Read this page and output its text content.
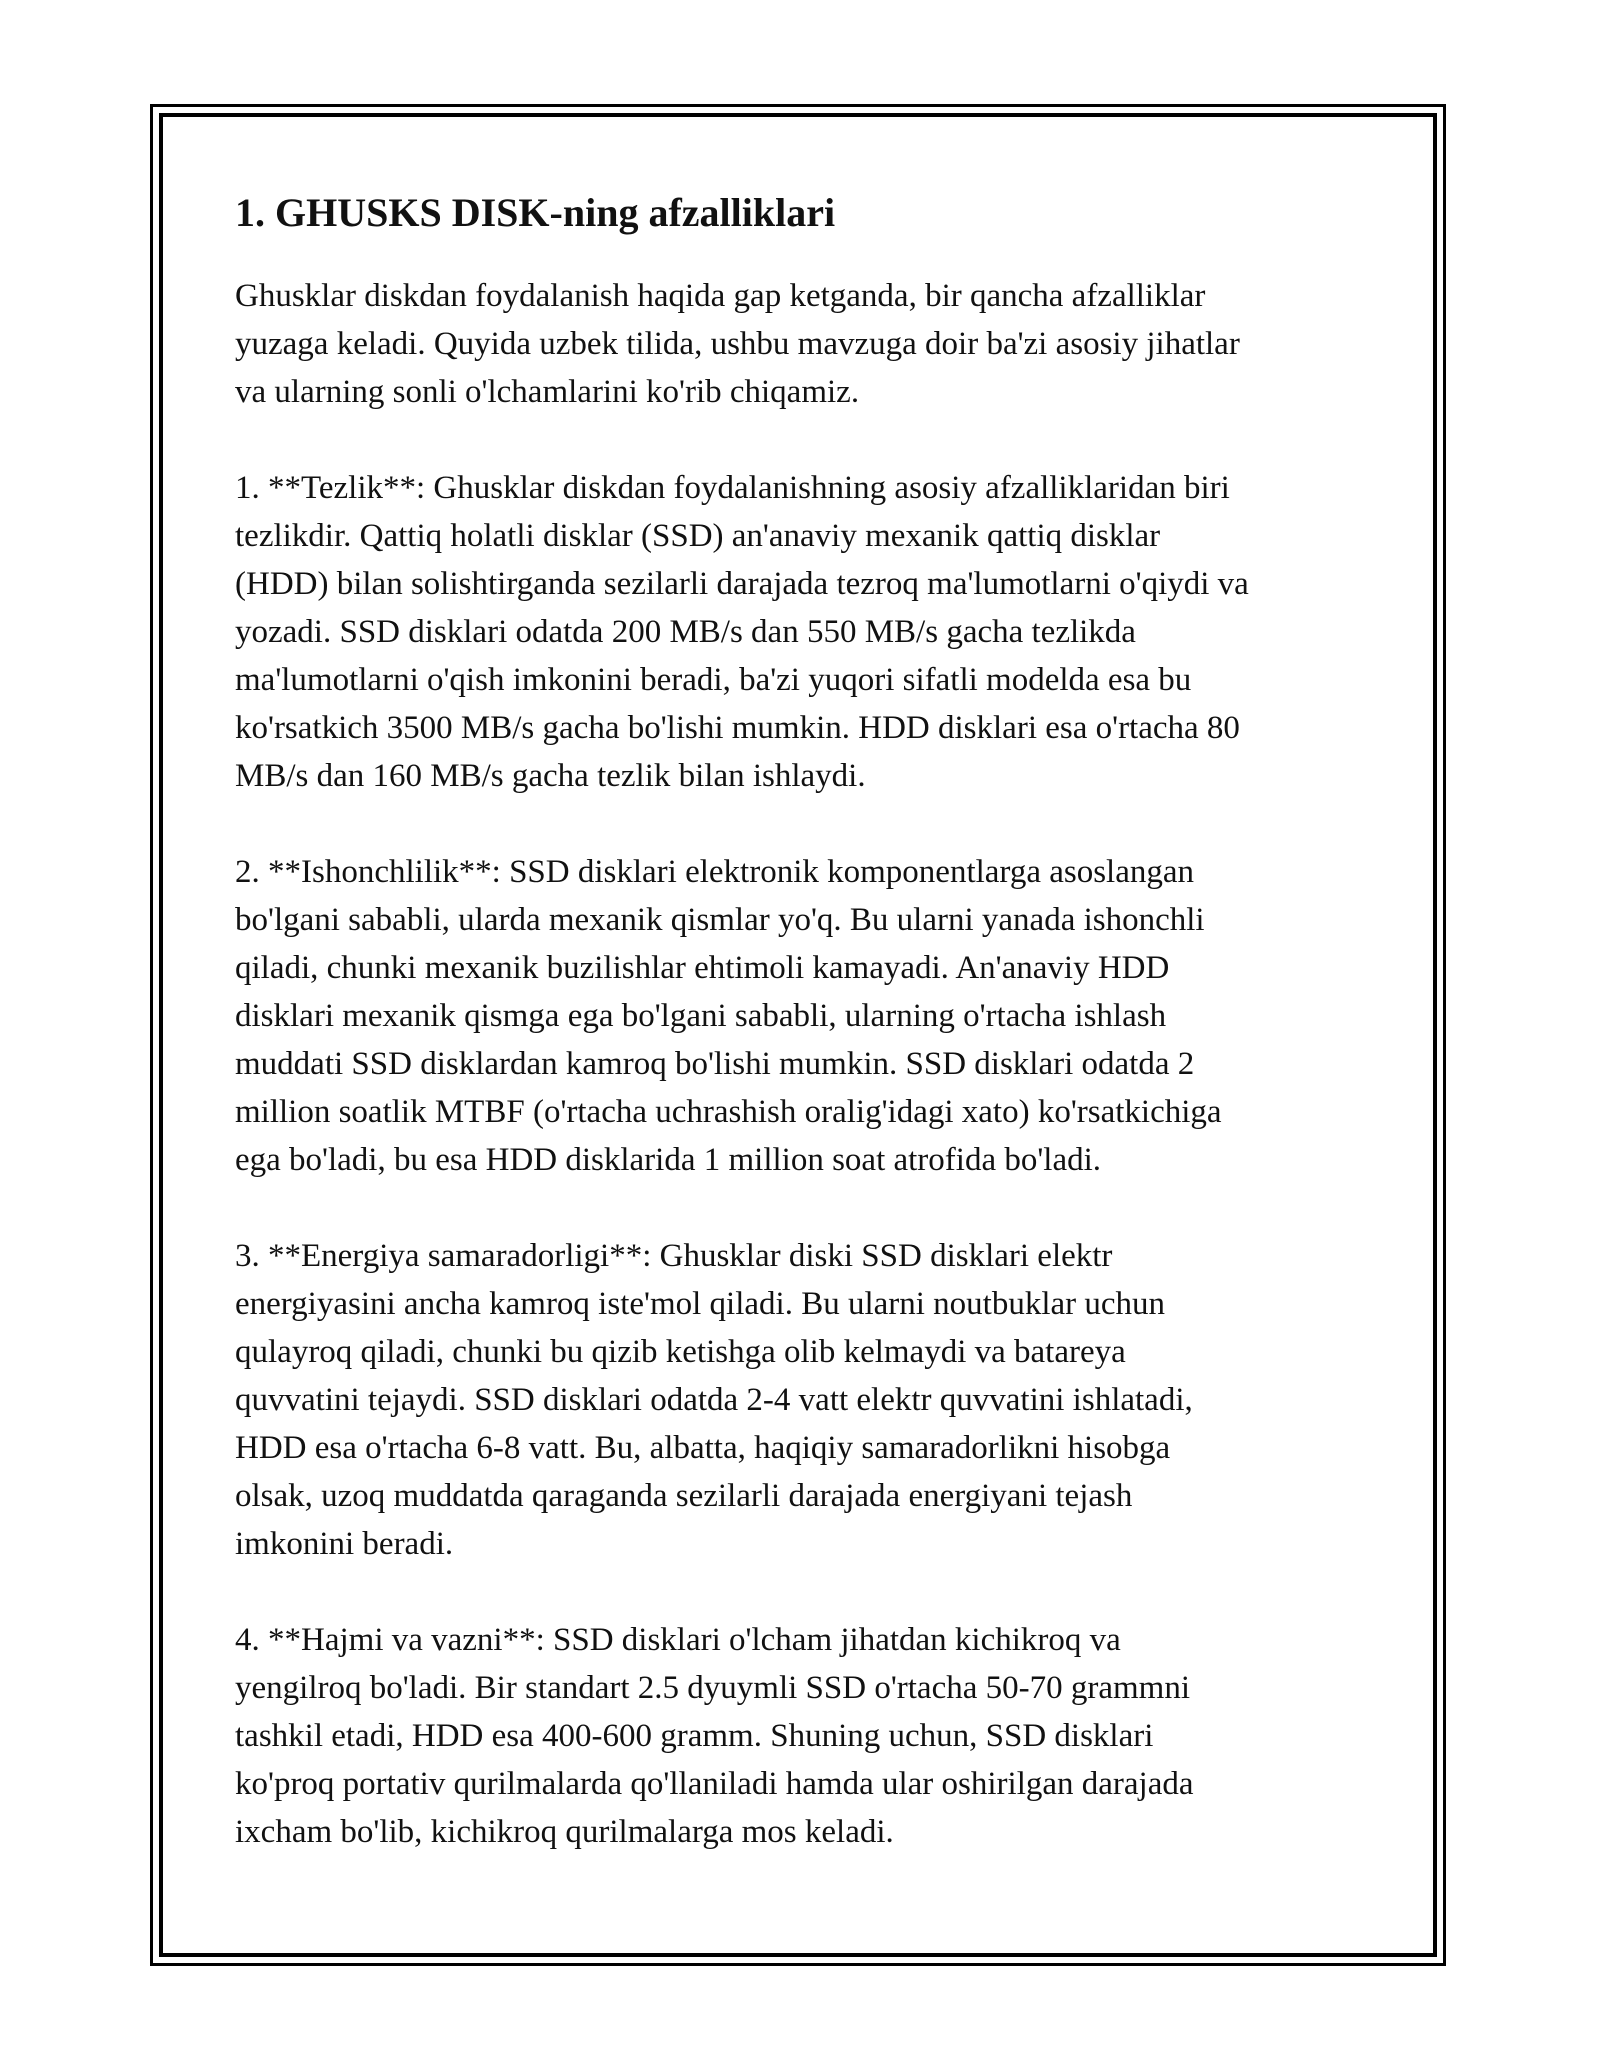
1. GHUSKS DISK-ning afzalliklari

Ghusklar diskdan foydalanish haqida gap ketganda, bir qancha afzalliklar
yuzaga keladi. Quyida uzbek tilida, ushbu mavzuga doir ba'zi asosiy jihatlar
va ularning sonli o'lchamlarini ko'rib chiqamiz.

1. **Tezlik**: Ghusklar diskdan foydalanishning asosiy afzalliklaridan biri
tezlikdir. Qattiq holatli disklar (SSD) an'anaviy mexanik qattiq disklar
(HDD) bilan solishtirganda sezilarli darajada tezroq ma'lumotlarni o'qiydi va
yozadi. SSD disklari odatda 200 MB/s dan 550 MB/s gacha tezlikda
ma'lumotlarni o'qish imkonini beradi, ba'zi yuqori sifatli modelda esa bu
ko'rsatkich 3500 MB/s gacha bo'lishi mumkin. HDD disklari esa o'rtacha 80
MB/s dan 160 MB/s gacha tezlik bilan ishlaydi.

2. **Ishonchlilik**: SSD disklari elektronik komponentlarga asoslangan
bo'lgani sababli, ularda mexanik qismlar yo'q. Bu ularni yanada ishonchli
qiladi, chunki mexanik buzilishlar ehtimoli kamayadi. An'anaviy HDD
disklari mexanik qismga ega bo'lgani sababli, ularning o'rtacha ishlash
muddati SSD disklardan kamroq bo'lishi mumkin. SSD disklari odatda 2
million soatlik MTBF (o'rtacha uchrashish oralig'idagi xato) ko'rsatkichiga
ega bo'ladi, bu esa HDD disklarida 1 million soat atrofida bo'ladi.

3. **Energiya samaradorligi**: Ghusklar diski SSD disklari elektr
energiyasini ancha kamroq iste'mol qiladi. Bu ularni noutbuklar uchun
qulayroq qiladi, chunki bu qizib ketishga olib kelmaydi va batareya
quvvatini tejaydi. SSD disklari odatda 2-4 vatt elektr quvvatini ishlatadi,
HDD esa o'rtacha 6-8 vatt. Bu, albatta, haqiqiy samaradorlikni hisobga
olsak, uzoq muddatda qaraganda sezilarli darajada energiyani tejash
imkonini beradi.

4. **Hajmi va vazni**: SSD disklari o'lcham jihatdan kichikroq va
yengilroq bo'ladi. Bir standart 2.5 dyuymli SSD o'rtacha 50-70 grammni
tashkil etadi, HDD esa 400-600 gramm. Shuning uchun, SSD disklari
ko'proq portativ qurilmalarda qo'llaniladi hamda ular oshirilgan darajada
ixcham bo'lib, kichikroq qurilmalarga mos keladi.
